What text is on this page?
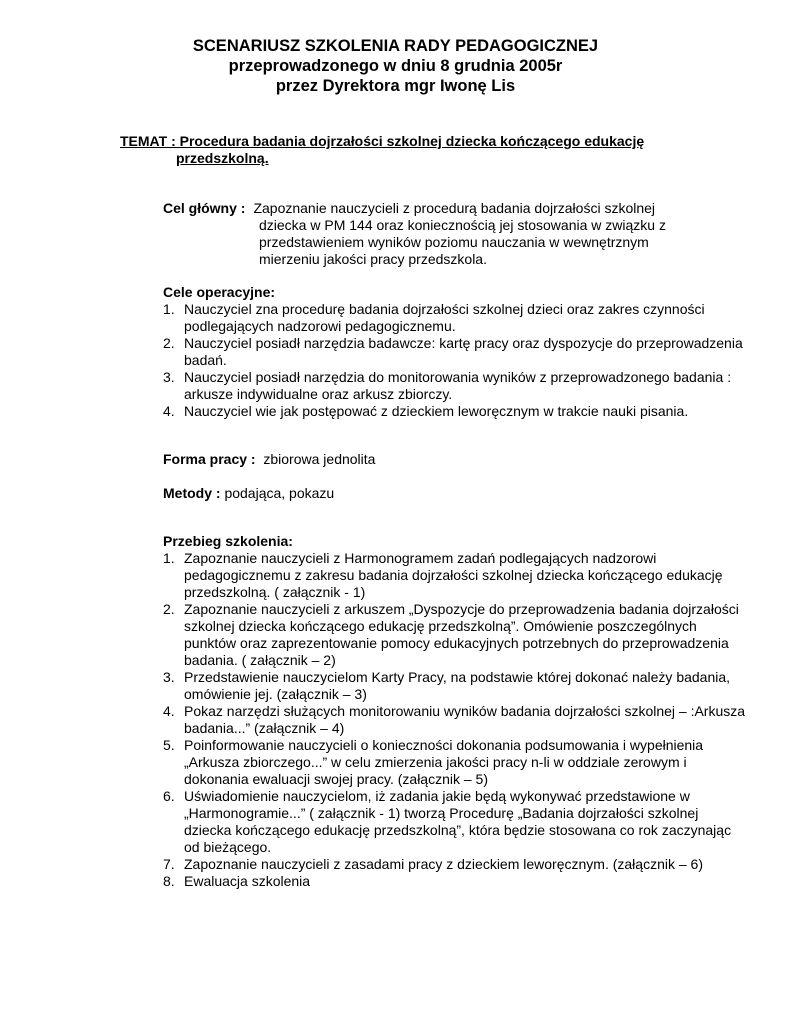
SCENARIUSZ SZKOLENIA RADY PEDAGOGICZNEJ
przeprowadzonego w dniu 8 grudnia 2005r
przez Dyrektora mgr Iwonę Lis
TEMAT : Procedura badania dojrzałości szkolnej dziecka kończącego edukację
przedszkolną.
Cel główny : Zapoznanie nauczycieli z procedurą badania dojrzałości szkolnej
dziecka w PM 144 oraz koniecznością jej stosowania w związku z
przedstawieniem wyników poziomu nauczania w wewnętrznym
mierzeniu jakości pracy przedszkola.
Cele operacyjne:
1. Nauczyciel zna procedurę badania dojrzałości szkolnej dzieci oraz zakres czynności podlegających nadzorowi pedagogicznemu.
2. Nauczyciel posiadł narzędzia badawcze: kartę pracy oraz dyspozycje do przeprowadzenia badań.
3. Nauczyciel posiadł narzędzia do monitorowania wyników z przeprowadzonego badania : arkusze indywidualne oraz arkusz zbiorczy.
4. Nauczyciel wie jak postępować z dzieckiem leworęcznym w trakcie nauki pisania.
Forma pracy : zbiorowa jednolita
Metody : podająca, pokazu
Przebieg szkolenia:
1. Zapoznanie nauczycieli z Harmonogramem zadań podlegających nadzorowi pedagogicznemu z zakresu badania dojrzałości szkolnej dziecka kończącego edukację przedszkolną. ( załącznik - 1)
2. Zapoznanie nauczycieli z arkuszem „Dyspozycje do przeprowadzenia badania dojrzałości szkolnej dziecka kończącego edukację przedszkolną”. Omówienie poszczególnych punktów oraz zaprezentowanie pomocy edukacyjnych potrzebnych do przeprowadzenia badania. ( załącznik – 2)
3. Przedstawienie nauczycielom Karty Pracy, na podstawie której dokonać należy badania, omówienie jej. (załącznik – 3)
4. Pokaz narzędzi służących monitorowaniu wyników badania dojrzałości szkolnej – :Arkusza badania...” (załącznik – 4)
5. Poinformowanie nauczycieli o konieczności dokonania podsumowania i wypełnienia „Arkusza zbiorczego...” w celu zmierzenia jakości pracy n-li w oddziale zerowym i dokonania ewaluacji swojej pracy. (załącznik – 5)
6. Uświadomienie nauczycielom, iż zadania jakie będą wykonywać przedstawione w „Harmonogramie...” ( załącznik - 1) tworzą Procedurę „Badania dojrzałości szkolnej dziecka kończącego edukację przedszkolną”, która będzie stosowana co rok zaczynając od bieżącego.
7. Zapoznanie nauczycieli z zasadami pracy z dzieckiem leworęcznym. (załącznik – 6)
8. Ewaluacja szkolenia
